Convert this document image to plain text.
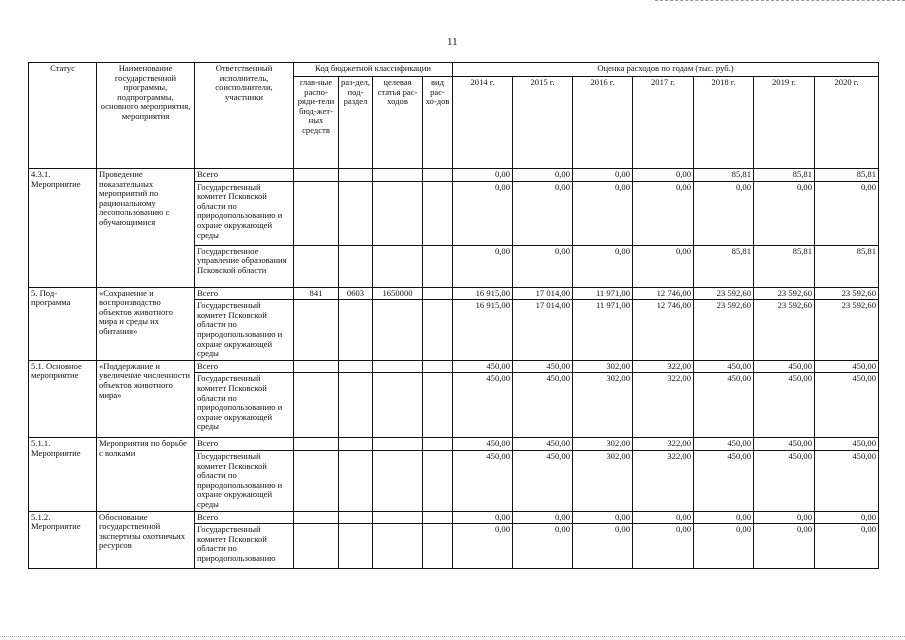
11
Статус	Наименование государственной программы, подпрограммы, основного мероприятия, мероприятия	Ответственный исполнитель, соисполнители, участники	Код бюджетной классификации				Оценка расходов по годам (тыс. руб.)						
			глав-ные распо-ряди-тели бюд-жет-ных средств	раз-дел, под-раздел	целевая статья рас-ходов	вид рас-хо-дов	2014 г.	2015 г.	2016 г.	2017 г.	2018 г.	2019 г.	2020 г.
4.3.1. Мероприятие	Проведение показательных мероприятий по рациональному лесопользованию с обучающимися	Всего					0,00	0,00	0,00	0,00	85,81	85,81	85,81
		Государственный комитет Псковской области по природопользованию и охране окружающей среды					0,00	0,00	0,00	0,00	0,00	0,00	0,00
		Государственное управление образования Псковской области					0,00	0,00	0,00	0,00	85,81	85,81	85,81
5. Под-программа	«Сохранение и воспроизводство объектов животного мира и среды их обитания»	Всего	841	0603	1650000		16 915,00	17 014,00	11 971,00	12 746,00	23 592,60	23 592,60	23 592,60
		Государственный комитет Псковской области по природопользованию и охране окружающей среды					16 915,00	17 014,00	11 971,00	12 746,00	23 592,60	23 592,60	23 592,60
5.1. Основное мероприятие	«Поддержание и увеличение численности объектов животного мира»	Всего					450,00	450,00	302,00	322,00	450,00	450,00	450,00
		Государственный комитет Псковской области по природопользованию и охране окружающей среды					450,00	450,00	302,00	322,00	450,00	450,00	450,00
5.1.1. Мероприятие	Мероприятия по борьбе с волками	Всего					450,00	450,00	302,00	322,00	450,00	450,00	450,00
		Государственный комитет Псковской области по природопользованию и охране окружающей среды					450,00	450,00	302,00	322,00	450,00	450,00	450,00
5.1.2. Мероприятие	Обоснование государственной экспертизы охотничьих ресурсов	Всего					0,00	0,00	0,00	0,00	0,00	0,00	0,00
		Государственный комитет Псковской области по природопользованию					0,00	0,00	0,00	0,00	0,00	0,00	0,00
